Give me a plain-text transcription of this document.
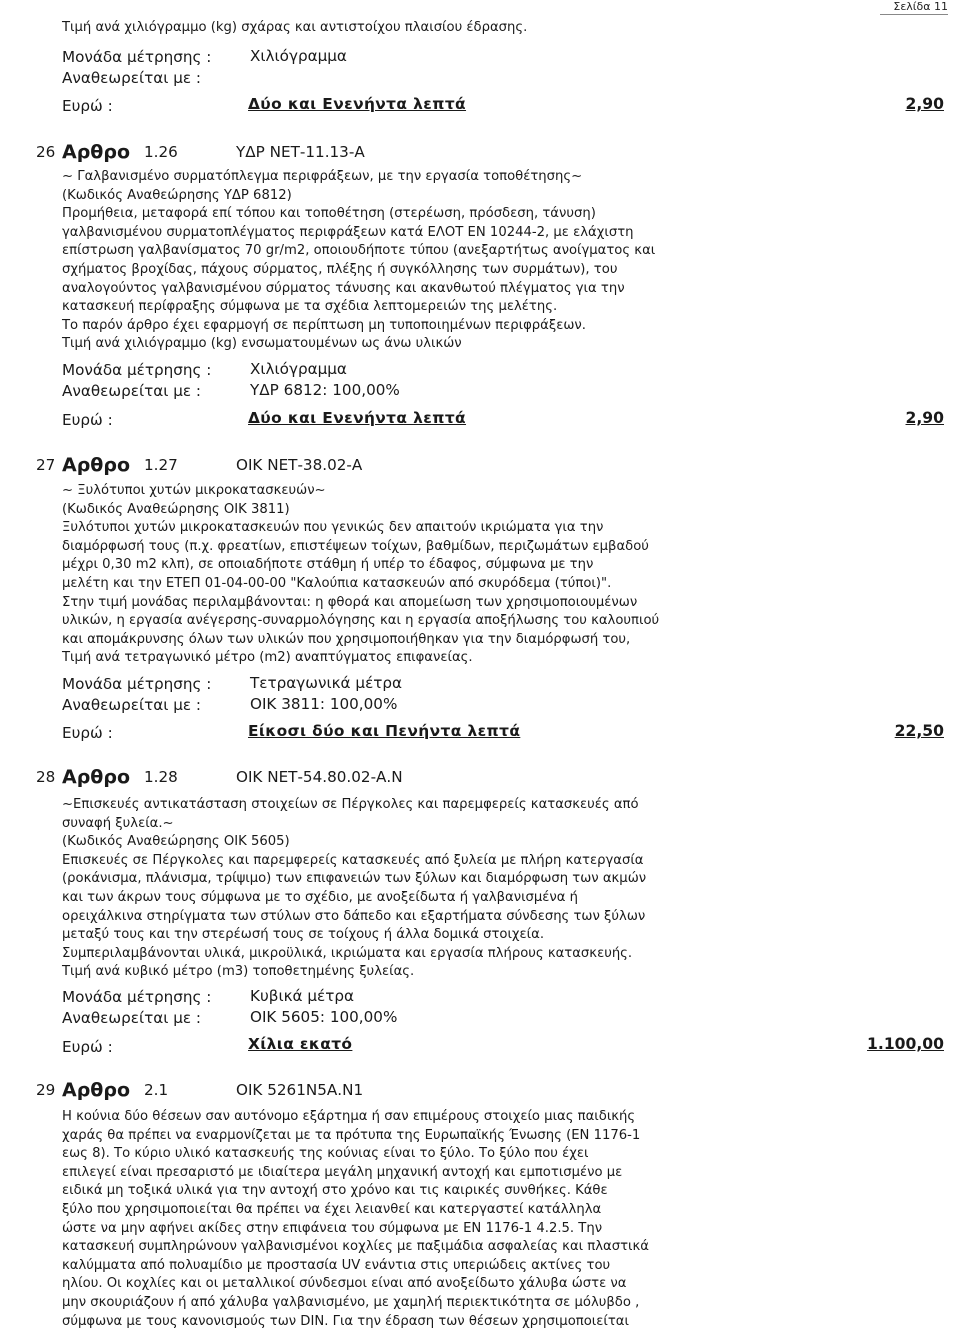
Σελίδα 11

Τιμή ανά χιλιόγραμμο (kg) σχάρας και αντιστοίχου πλαισίου έδρασης.

Μονάδα μέτρησης :	Χιλιόγραμμα
Αναθεωρείται με :
Ευρώ :	Δύο και Ενενήντα λεπτά	2,90
26 Αρθρο 1.26	ΥΔΡ ΝΕΤ-11.13-Α

~ Γαλβανισμένο συρματόπλεγμα περιφράξεων, με την εργασία τοποθέτησης~

(Κωδικός Αναθεώρησης ΥΔΡ 6812)

Προμήθεια, μεταφορά επί τόπου και τοποθέτηση (στερέωση, πρόσδεση, τάνυση)

γαλβανισμένου συρματοπλέγματος περιφράξεων κατά ΕΛΟΤ ΕΝ 10244-2, με ελάχιστη

επίστρωση γαλβανίσματος 70 gr/m2, οποιουδήποτε τύπου (ανεξαρτήτως ανοίγματος και

σχήματος βροχίδας, πάχους σύρματος, πλέξης ή συγκόλλησης των συρμάτων), του

αναλογούντος γαλβανισμένου σύρματος τάνυσης και ακανθωτού πλέγματος για την

κατασκευή περίφραξης σύμφωνα με τα σχέδια λεπτομερειών της μελέτης.

Το παρόν άρθρο έχει εφαρμογή σε περίπτωση μη τυποποιημένων περιφράξεων.

Τιμή ανά χιλιόγραμμο (kg) ενσωματουμένων ως άνω υλικών

Μονάδα μέτρησης :	Χιλιόγραμμα
Αναθεωρείται με :	ΥΔΡ 6812: 100,00%
Ευρώ :	Δύο και Ενενήντα λεπτά	2,90
27 Αρθρο 1.27	ΟΙΚ ΝΕΤ-38.02-Α

~ Ξυλότυποι χυτών μικροκατασκευών~

(Κωδικός Αναθεώρησης ΟΙΚ 3811)

Ξυλότυποι χυτών μικροκατασκευών που γενικώς δεν απαιτούν ικριώματα για την

διαμόρφωσή τους (π.χ. φρεατίων, επιστέψεων τοίχων, βαθμίδων, περιζωμάτων εμβαδού

μέχρι 0,30 m2 κλπ), σε οποιαδήποτε στάθμη ή υπέρ το έδαφος, σύμφωνα με την

μελέτη και την ΕΤΕΠ 01-04-00-00 "Καλούπια κατασκευών από σκυρόδεμα (τύποι)".

Στην τιμή μονάδας περιλαμβάνονται: η φθορά και απομείωση των χρησιμοποιουμένων

υλικών, η εργασία ανέγερσης-συναρμολόγησης και η εργασία αποξήλωσης του καλουπιού

και απομάκρυνσης όλων των υλικών που χρησιμοποιήθηκαν για την διαμόρφωσή του,

Τιμή ανά τετραγωνικό μέτρο (m2) αναπτύγματος επιφανείας.

Μονάδα μέτρησης :	Τετραγωνικά μέτρα
Αναθεωρείται με :	ΟΙΚ 3811: 100,00%
Ευρώ :	Είκοσι δύο και Πενήντα λεπτά	22,50
28 Αρθρο 1.28	ΟΙΚ ΝΕΤ-54.80.02-Α.Ν

~Επισκευές αντικατάσταση στοιχείων σε Πέργκολες και παρεμφερείς κατασκευές από

συναφή ξυλεία.~

(Κωδικός Αναθεώρησης ΟΙΚ 5605)

Επισκευές σε Πέργκολες και παρεμφερείς κατασκευές από ξυλεία με πλήρη κατεργασία

(ροκάνισμα, πλάνισμα, τρίψιμο) των επιφανειών των ξύλων και διαμόρφωση των ακμών

και των άκρων τους σύμφωνα με το σχέδιο, με ανοξείδωτα ή γαλβανισμένα ή

ορειχάλκινα στηρίγματα των στύλων στο δάπεδο και εξαρτήματα σύνδεσης των ξύλων

μεταξύ τους και την στερέωσή τους σε τοίχους ή άλλα δομικά στοιχεία.

Συμπεριλαμβάνονται υλικά, μικροϋλικά, ικριώματα και εργασία πλήρους κατασκευής.

Τιμή ανά κυβικό μέτρο (m3) τοποθετημένης ξυλείας.

Μονάδα μέτρησης :	Κυβικά μέτρα
Αναθεωρείται με :	ΟΙΚ 5605: 100,00%
Ευρώ :	Χίλια εκατό	1.100,00
29 Αρθρο 2.1	ΟΙΚ 5261Ν5Α.Ν1

Η κούνια δύο θέσεων σαν αυτόνομο εξάρτημα ή σαν επιμέρους στοιχείο μιας παιδικής

χαράς θα πρέπει να εναρμονίζεται με τα πρότυπα της Ευρωπαϊκής Ένωσης (ΕΝ 1176-1

εως 8). Το κύριο υλικό κατασκευής της κούνιας είναι το ξύλο. Το ξύλο που έχει

επιλεγεί είναι πρεσαριστό με ιδιαίτερα μεγάλη μηχανική αντοχή και εμποτισμένο με

ειδικά μη τοξικά υλικά για την αντοχή στο χρόνο και τις καιρικές συνθήκες. Κάθε

ξύλο που χρησιμοποιείται θα πρέπει να έχει λειανθεί και κατεργαστεί κατάλληλα

ώστε να μην αφήνει ακίδες στην επιφάνεια του σύμφωνα με ΕΝ 1176-1 4.2.5. Την

κατασκευή συμπληρώνουν γαλβανισμένοι κοχλίες με παξιμάδια ασφαλείας και πλαστικά

καλύμματα από πολυαμίδιο με προστασία UV ενάντια στις υπεριώδεις ακτίνες του

ηλίου. Οι κοχλίες και οι μεταλλικοί σύνδεσμοι είναι από ανοξείδωτο χάλυβα ώστε να

μην σκουριάζουν ή από χάλυβα γαλβανισμένο, με χαμηλή περιεκτικότητα σε μόλυβδο ,

σύμφωνα με τους κανονισμούς των DIN. Για την έδραση των θέσεων χρησιμοποιείται
